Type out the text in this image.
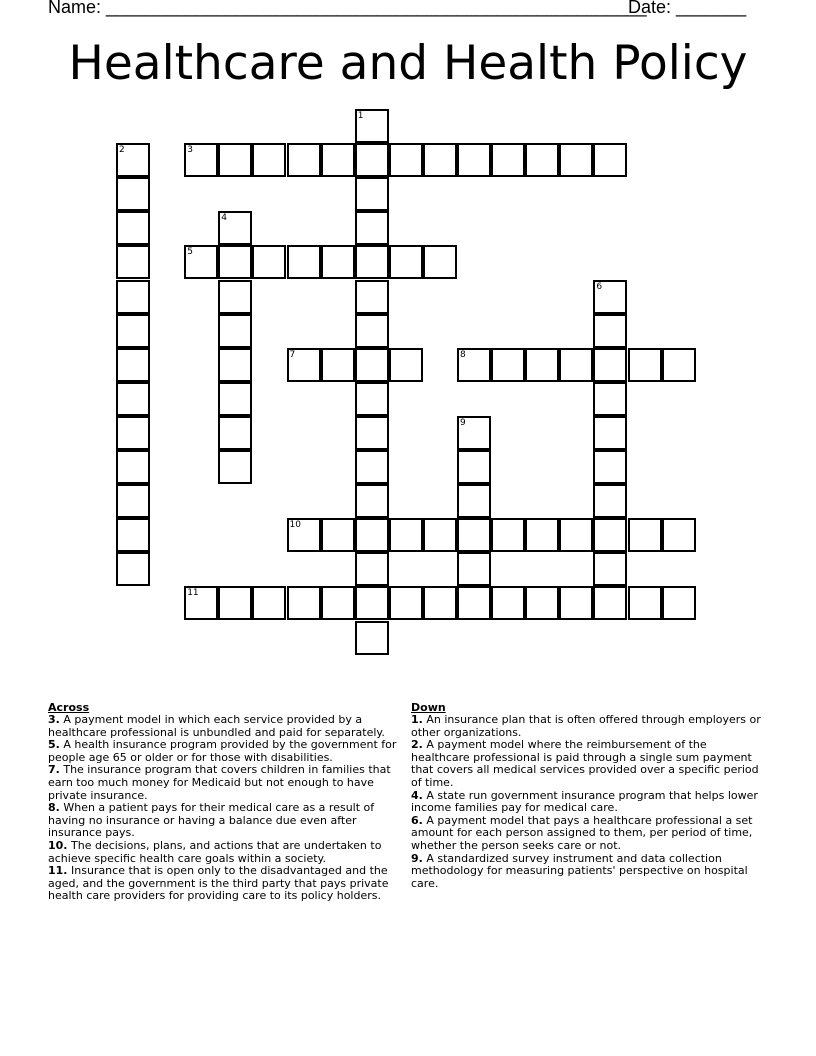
Name: ______________________________________________________
Date: _______
Healthcare and Health Policy
1
2	3
4
5
6
7	8
9
10
11
Across

3. A payment model in which each service provided by a healthcare professional is unbundled and paid for separately.

5. A health insurance program provided by the government for people age 65 or older or for those with disabilities.

7. The insurance program that covers children in families that earn too much money for Medicaid but not enough to have private insurance.

8. When a patient pays for their medical care as a result of having no insurance or having a balance due even after insurance pays.

10. The decisions, plans, and actions that are undertaken to achieve specific health care goals within a society.

11. Insurance that is open only to the disadvantaged and the aged, and the government is the third party that pays private health care providers for providing care to its policy holders.

Down

1. An insurance plan that is often offered through employers or other organizations.

2. A payment model where the reimbursement of the healthcare professional is paid through a single sum payment that covers all medical services provided over a specific period of time.

4. A state run government insurance program that helps lower income families pay for medical care.

6. A payment model that pays a healthcare professional a set amount for each person assigned to them, per period of time, whether the person seeks care or not.

9. A standardized survey instrument and data collection methodology for measuring patients' perspective on hospital care.
